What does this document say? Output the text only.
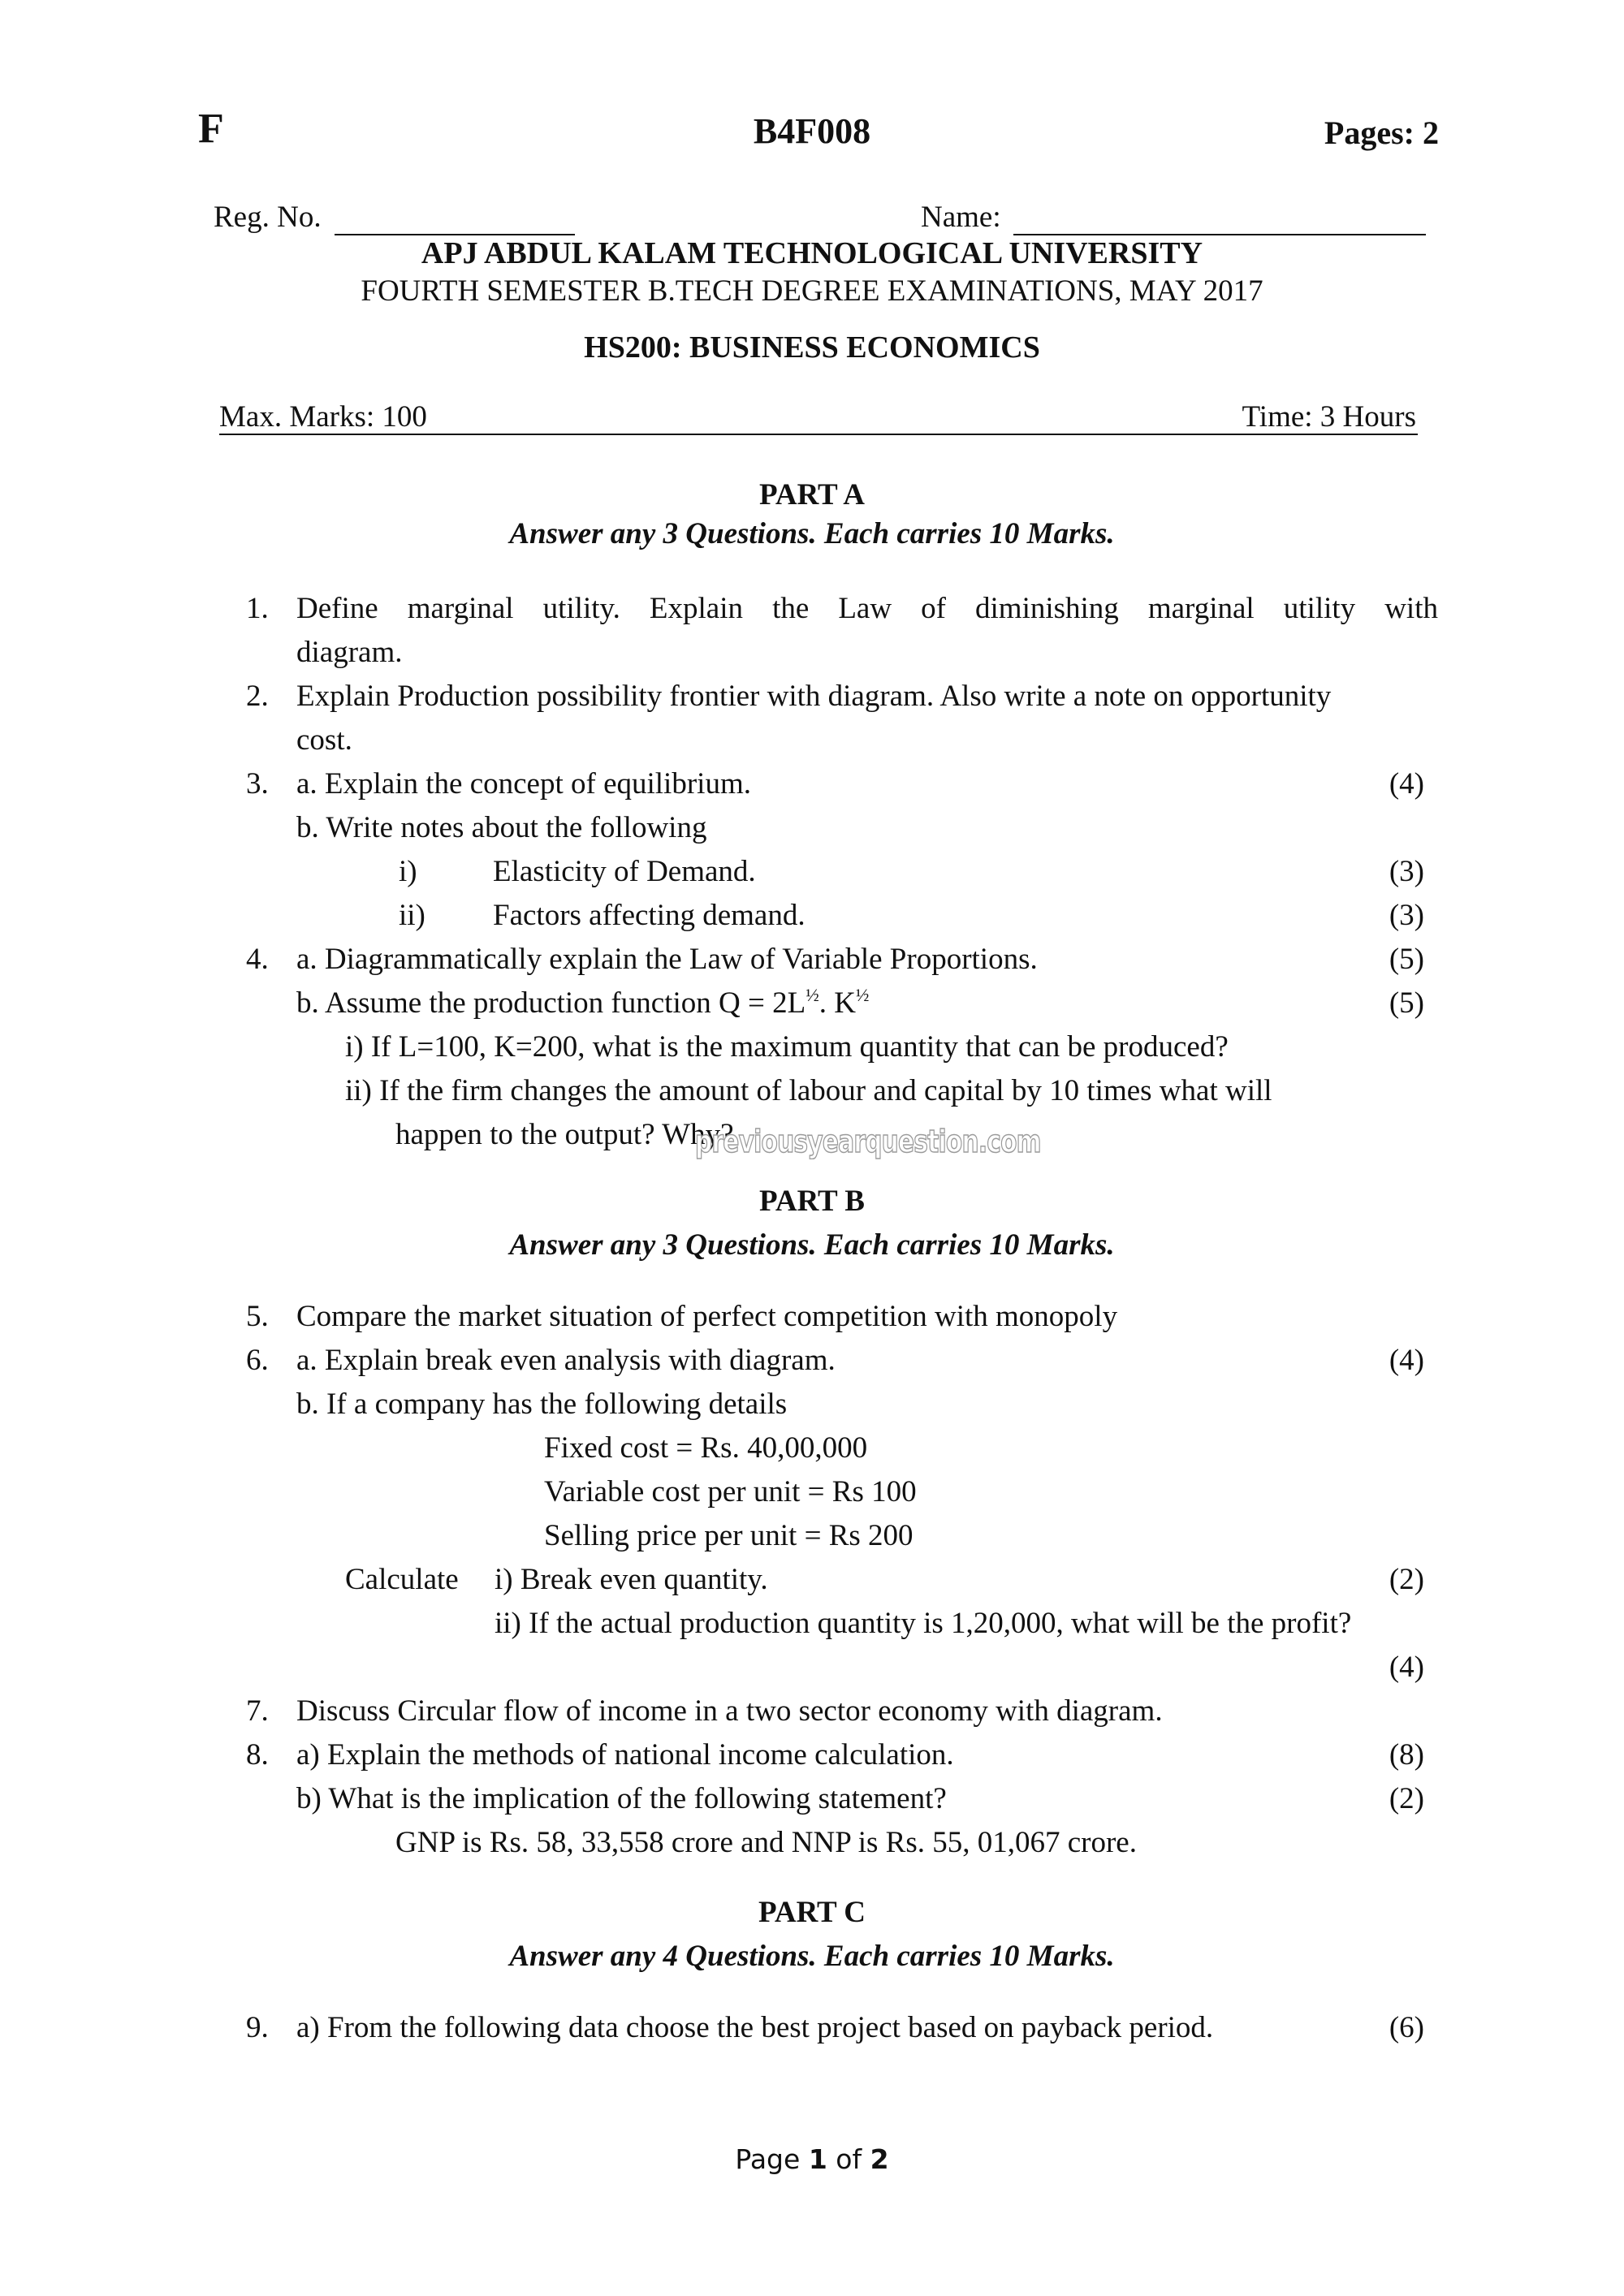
F	B4F008	Pages: 2
Reg. No.	Name:
APJ ABDUL KALAM TECHNOLOGICAL UNIVERSITY
FOURTH SEMESTER B.TECH DEGREE EXAMINATIONS, MAY 2017
HS200: BUSINESS ECONOMICS
Max. Marks: 100	Time: 3 Hours
PART A
Answer any 3 Questions. Each carries 10 Marks.
1. Define marginal utility. Explain the Law of diminishing marginal utility with
diagram.
2. Explain Production possibility frontier with diagram. Also write a note on opportunity
cost.
3. a. Explain the concept of equilibrium.	(4)
b. Write notes about the following
i)	Elasticity of Demand.	(3)
ii) Factors affecting demand.	(3)
4. a. Diagrammatically explain the Law of Variable Proportions.	(5)
b. Assume the production function $Q = 2L^{\frac{1}{2}}$. $K^{\frac{1}{2}}$	(5)
i) If L=100, K=200, what is the maximum quantity that can be produced?
ii) If the firm changes the amount of labour and capital by 10 times what will
happen to the output? Why?
previousyearquestion.com
PART B
Answer any 3 Questions. Each carries 10 Marks.
5. Compare the market situation of perfect competition with monopoly
6. a. Explain break even analysis with diagram.	(4)
b. If a company has the following details
Fixed cost = Rs. 40,00,000
Variable cost per unit = Rs 100
Selling price per unit = Rs 200
Calculate i) Break even quantity.	(2)
ii) If the actual production quantity is 1,20,000, what will be the profit?
(4)
7. Discuss Circular flow of income in a two sector economy with diagram.
8. a) Explain the methods of national income calculation.	(8)
b) What is the implication of the following statement?	(2)
GNP is Rs. 58, 33,558 crore and NNP is Rs. 55, 01,067 crore.
PART C
Answer any 4 Questions. Each carries 10 Marks.
9. a) From the following data choose the best project based on payback period.	(6)
Page 1 of 2
